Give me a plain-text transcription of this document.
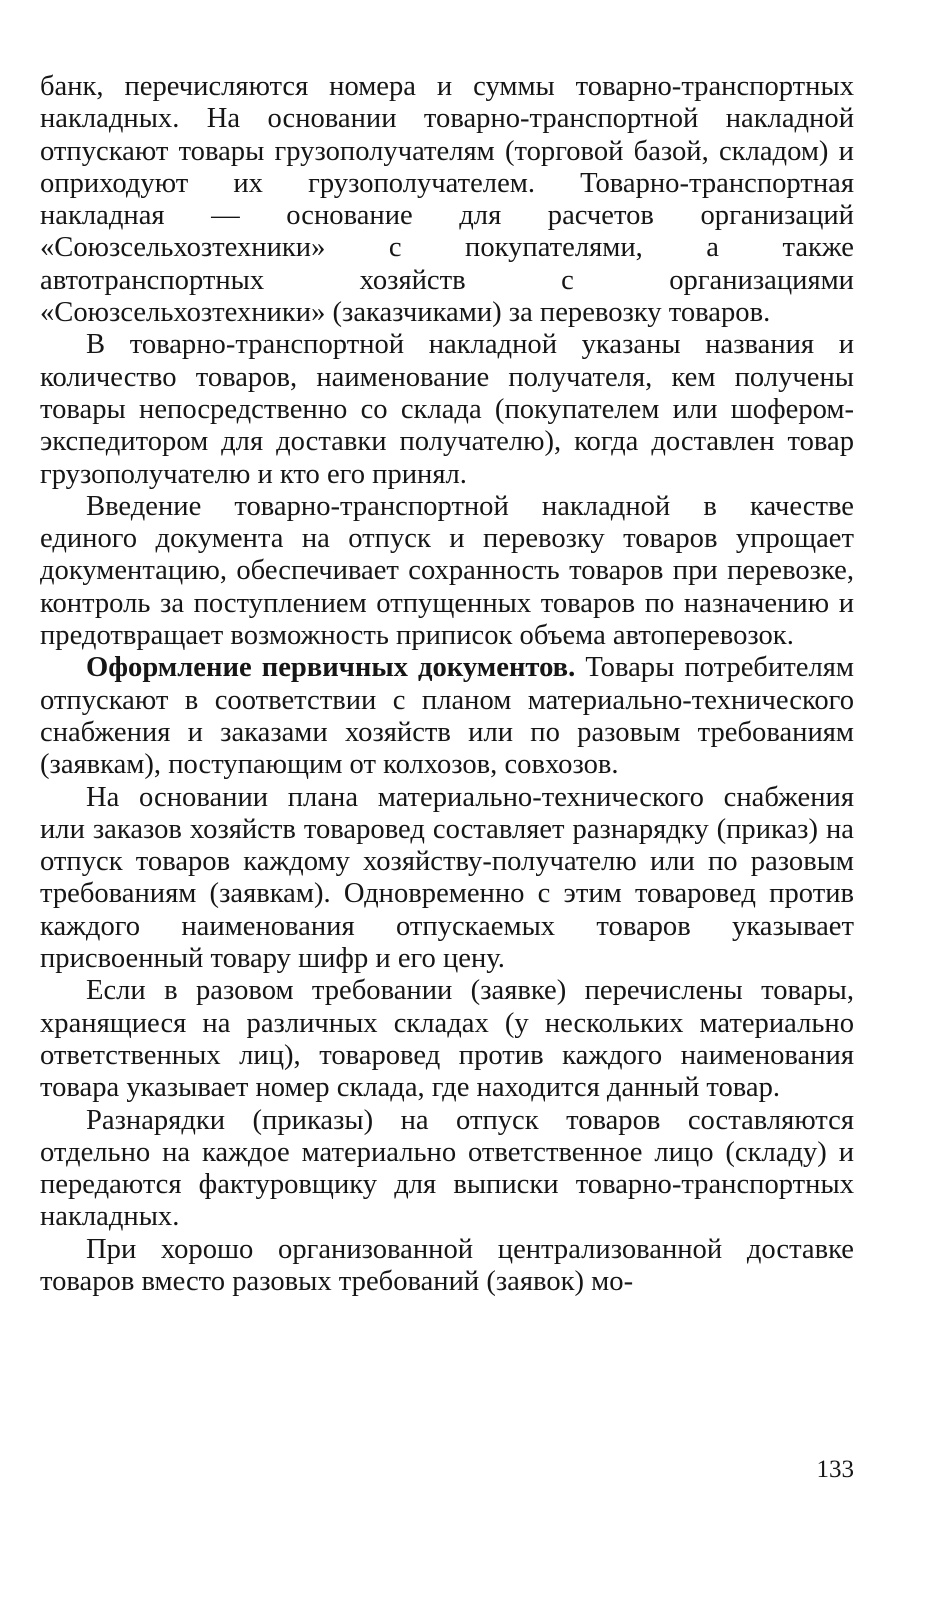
банк, перечисляются номера и суммы товарно-транспортных накладных. На основании товарно-транспортной накладной отпускают товары грузополучателям (торговой базой, складом) и оприходуют их грузополучателем. Товарно-транспортная накладная — основание для расчетов организаций «Союзсельхозтехники» с покупателями, а также автотранспортных хозяйств с организациями «Союзсельхозтехники» (заказчиками) за перевозку товаров.

В товарно-транспортной накладной указаны названия и количество товаров, наименование получателя, кем получены товары непосредственно со склада (покупателем или шофером-экспедитором для доставки получателю), когда доставлен товар грузополучателю и кто его принял.

Введение товарно-транспортной накладной в качестве единого документа на отпуск и перевозку товаров упрощает документацию, обеспечивает сохранность товаров при перевозке, контроль за поступлением отпущенных товаров по назначению и предотвращает возможность приписок объема автоперевозок.

Оформление первичных документов. Товары потребителям отпускают в соответствии с планом материально-технического снабжения и заказами хозяйств или по разовым требованиям (заявкам), поступающим от колхозов, совхозов.

На основании плана материально-технического снабжения или заказов хозяйств товаровед составляет разнарядку (приказ) на отпуск товаров каждому хозяйству-получателю или по разовым требованиям (заявкам). Одновременно с этим товаровед против каждого наименования отпускаемых товаров указывает присвоенный товару шифр и его цену.

Если в разовом требовании (заявке) перечислены товары, хранящиеся на различных складах (у нескольких материально ответственных лиц), товаровед против каждого наименования товара указывает номер склада, где находится данный товар.

Разнарядки (приказы) на отпуск товаров составляются отдельно на каждое материально ответственное лицо (складу) и передаются фактуровщику для выписки товарно-транспортных накладных.

При хорошо организованной централизованной доставке товаров вместо разовых требований (заявок) мо-

133
